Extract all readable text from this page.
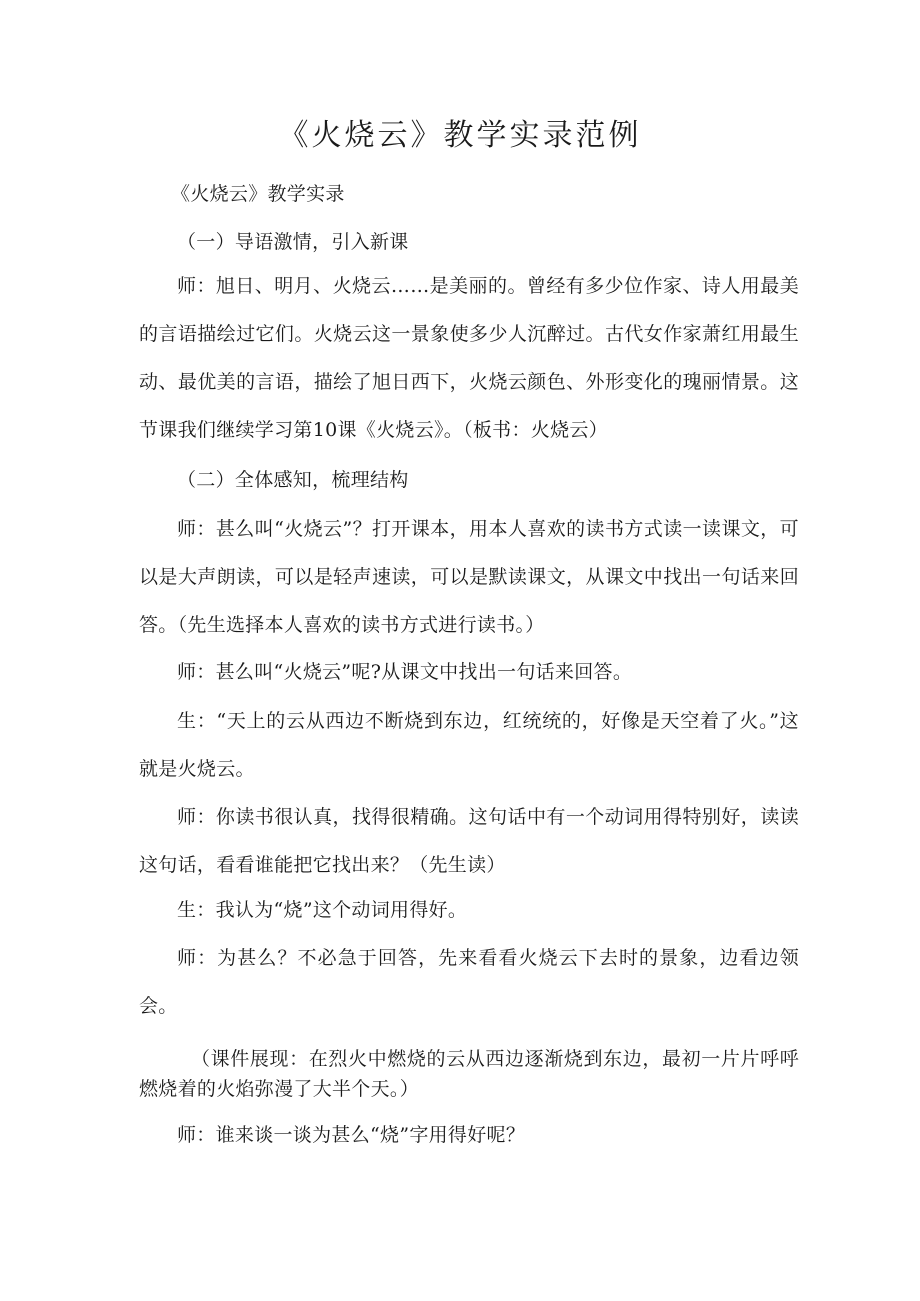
《火烧云》教学实录范例

《火烧云》教学实录

（一）导语激情，引入新课

师：旭日、明月、火烧云……是美丽的。曾经有多少位作家、诗人用最美的言语描绘过它们。火烧云这一景象使多少人沉醉过。古代女作家萧红用最生动、最优美的言语，描绘了旭日西下，火烧云颜色、外形变化的瑰丽情景。这节课我们继续学习第10课《火烧云》。（板书：火烧云）

（二）全体感知，梳理结构

师：甚么叫“火烧云”？打开课本，用本人喜欢的读书方式读一读课文，可以是大声朗读，可以是轻声速读，可以是默读课文，从课文中找出一句话来回答。（先生选择本人喜欢的读书方式进行读书。）

师：甚么叫“火烧云”呢?从课文中找出一句话来回答。

生：“天上的云从西边不断烧到东边，红统统的，好像是天空着了火。”这就是火烧云。

师：你读书很认真，找得很精确。这句话中有一个动词用得特别好，读读这句话，看看谁能把它找出来？（先生读）

生：我认为“烧”这个动词用得好。

师：为甚么？不必急于回答，先来看看火烧云下去时的景象，边看边领会。

（课件展现：在烈火中燃烧的云从西边逐渐烧到东边，最初一片片呼呼燃烧着的火焰弥漫了大半个天。）

师：谁来谈一谈为甚么“烧”字用得好呢？
